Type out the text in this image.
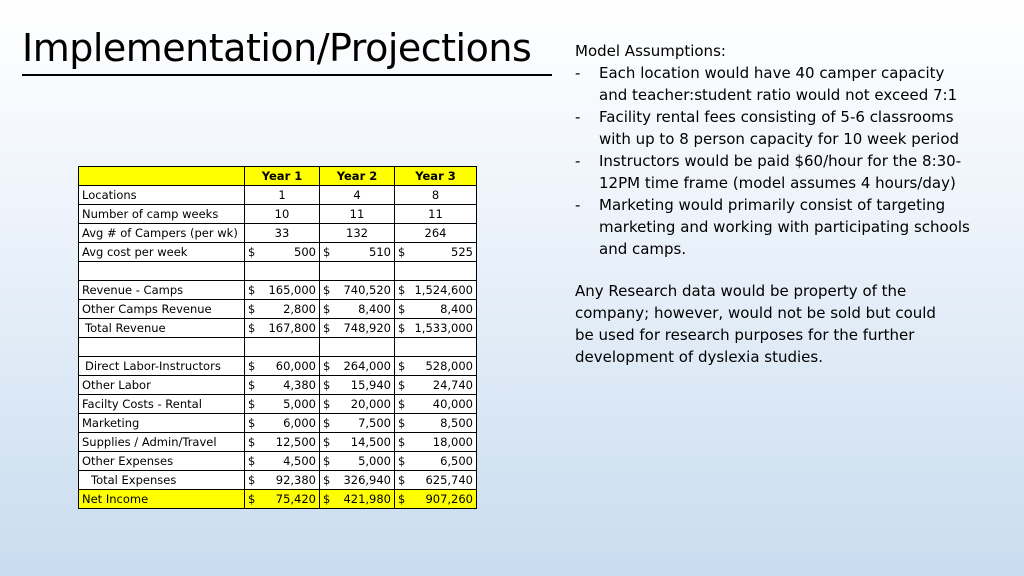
Implementation/Projections
	Year 1	Year 2	Year 3
Locations	1	4	8
Number of camp weeks	10	11	11
Avg # of Campers (per wk)	33	132	264
Avg cost per week	$ 500	$ 510	$ 525

Revenue - Camps	$ 165,000	$ 740,520	$ 1,524,600

Other Camps Revenue	$ 2,800	$ 8,400	$ 8,400

Total Revenue	$ 167,800	$ 748,920	$ 1,533,000

Direct Labor-Instructors	$ 60,000	$ 264,000	$ 528,000

Other Labor	$ 4,380	$ 15,940	$ 24,740

Facilty Costs - Rental	$ 5,000	$ 20,000	$ 40,000

Marketing	$ 6,000	$ 7,500	$ 8,500

Supplies / Admin/Travel	$ 12,500	$ 14,500	$ 18,000

Other Expenses	$ 4,500	$ 5,000	$ 6,500

Total Expenses	$ 92,380	$ 326,940	$ 625,740

Net Income	$ 75,420	$ 421,980	$ 907,260
Model Assumptions:
- Each location would have 40 camper capacity and teacher:student ratio would not exceed 7:1
- Facility rental fees consisting of 5-6 classrooms with up to 8 person capacity for 10 week period
- Instructors would be paid $60/hour for the 8:30-12PM time frame (model assumes 4 hours/day)
- Marketing would primarily consist of targeting marketing and working with participating schools and camps.
Any Research data would be property of the company; however, would not be sold but could be used for research purposes for the further development of dyslexia studies.
